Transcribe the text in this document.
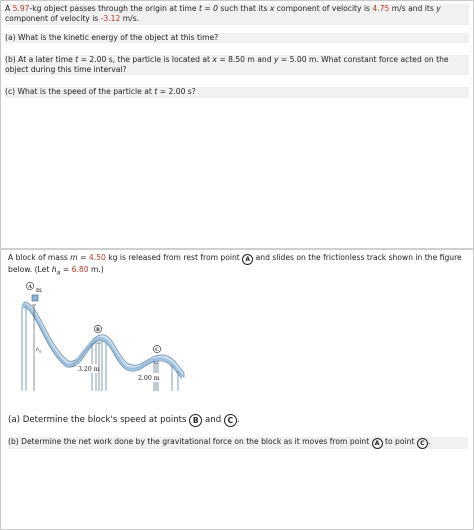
A 5.97-kg object passes through the origin at time t = 0 such that its x component of velocity is 4.75 m/s and its y component of velocity is -3.12 m/s.

(a) What is the kinetic energy of the object at this time?

(b) At a later time t = 2.00 s, the particle is located at x = 8.50 m and y = 5.00 m. What constant force acted on the object during this time interval?

(c) What is the speed of the particle at t = 2.00 s?

A block of mass m = 4.50 kg is released from rest from point A and slides on the frictionless track shown in the figure below. (Let $h_a = 6.80$ m.)

m
A
B
C
$h_a$
3.20 m
2.00 m

(a) Determine the block's speed at points B and C .

(b) Determine the net work done by the gravitational force on the block as it moves from point A to point C .
